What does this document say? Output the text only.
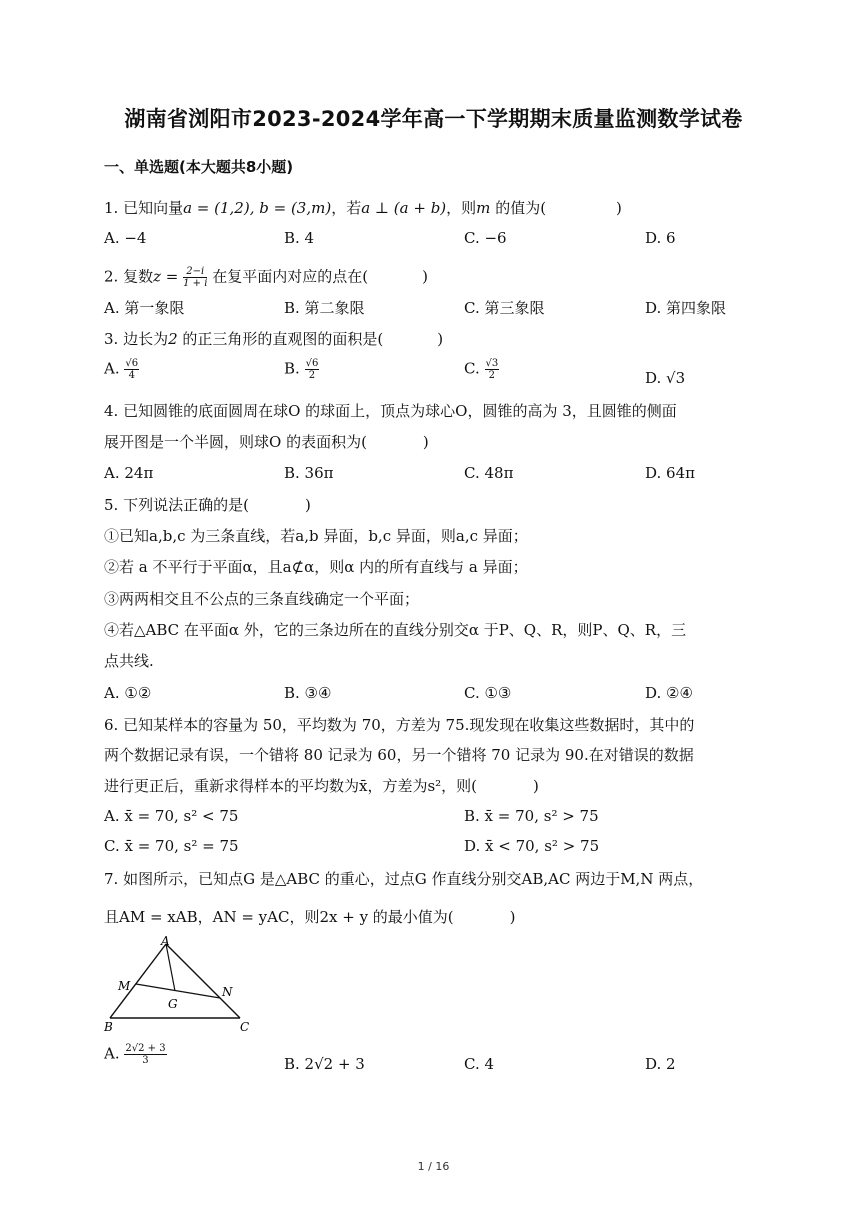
湖南省浏阳市2023-2024学年高一下学期期末质量监测数学试卷
一、单选题(本大题共8小题)
1. 已知向量a = (1,2), b = (3,m)，若a ⊥ (a + b)，则m 的值为(	)
A. −4	B. 4	C. −6	D. 6
2. 复数$z = \frac{2-i}{1 + i}$ 在复平面内对应的点在(	)
A. 第一象限	B. 第二象限	C. 第三象限	D. 第四象限
3. 边长为2 的正三角形的直观图的面积是(	)
A. $\frac{√6}{4}$	B. $\frac{√6}{2}$	C. $\frac{√3}{2}$	D. √3
4. 已知圆锥的底面圆周在球O 的球面上，顶点为球心O，圆锥的高为 3，且圆锥的侧面
展开图是一个半圆，则球O 的表面积为(	)
A. 24π	B. 36π	C. 48π	D. 64π
5. 下列说法正确的是(	)
①已知a,b,c 为三条直线，若a,b 异面，b,c 异面，则a,c 异面；
②若 a 不平行于平面α，且a⊄α，则α 内的所有直线与 a 异面；
③两两相交且不公点的三条直线确定一个平面；
④若△ABC 在平面α 外，它的三条边所在的直线分别交α 于P、Q、R，则P、Q、R，三
点共线.
A. ①②	B. ③④	C. ①③	D. ②④
6. 已知某样本的容量为 50，平均数为 70，方差为 75.现发现在收集这些数据时，其中的
两个数据记录有误，一个错将 80 记录为 60，另一个错将 70 记录为 90.在对错误的数据
进行更正后，重新求得样本的平均数为x̄，方差为s²，则(	)
A. x̄ = 70, s² < 75	B. x̄ = 70, s² > 75
C. x̄ = 70, s² = 75	D. x̄ < 70, s² > 75
7. 如图所示，已知点G 是△ABC 的重心，过点G 作直线分别交AB,AC 两边于M,N 两点，
且AM = xAB，AN = yAC，则2x + y 的最小值为(	)
A
B	C
M	N
G
A. $\frac{2√2 + 3}{3}$	B. 2√2 + 3	C. 4	D. 2
1 / 16
